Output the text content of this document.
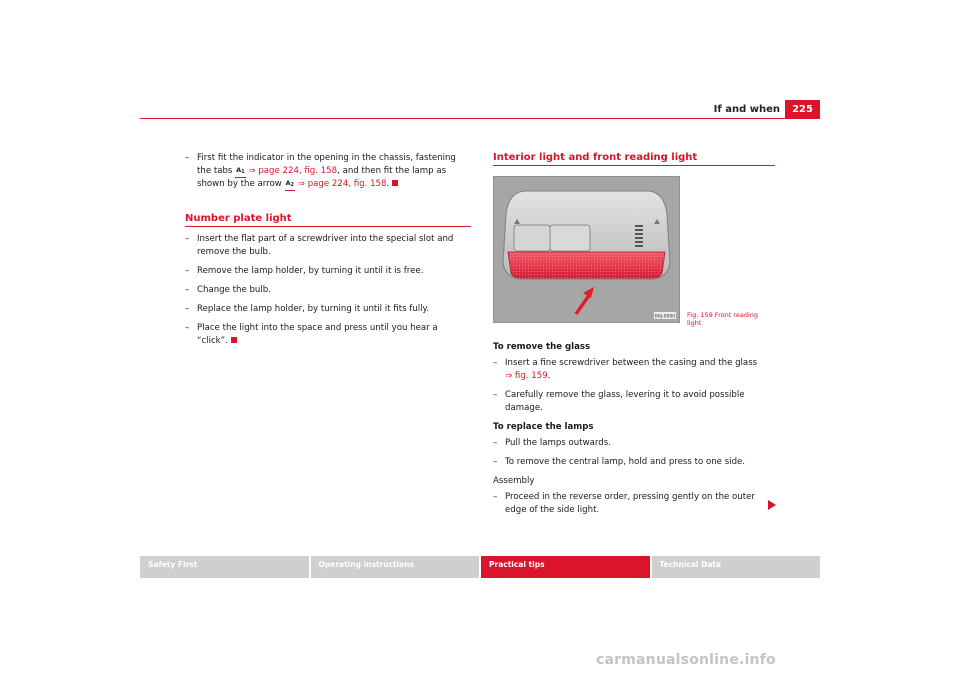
If and when	225
– First fit the indicator in the opening in the chassis, fastening the tabs $A_1$ ⇒ page 224, fig. 158, and then fit the lamp as shown by the arrow $A_2$ ⇒ page 224, fig. 158.
Number plate light
– Insert the flat part of a screwdriver into the special slot and remove the bulb.
– Remove the lamp holder, by turning it until it is free.
– Change the bulb.
– Replace the lamp holder, by turning it until it fits fully.
– Place the light into the space and press until you hear a “click”.
Interior light and front reading light
B6J-0090
To remove the glass
– Insert a fine screwdriver between the casing and the glass
⇒ fig. 159.
– Carefully remove the glass, levering it to avoid possible damage.
To replace the lamps
– Pull the lamps outwards.
– To remove the central lamp, hold and press to one side.
Assembly
– Proceed in the reverse order, pressing gently on the outer edge of the side light.
Fig. 159 Front reading light
Safety First	Operating instructions	Practical tips	Technical Data
carmanualsonline.info
